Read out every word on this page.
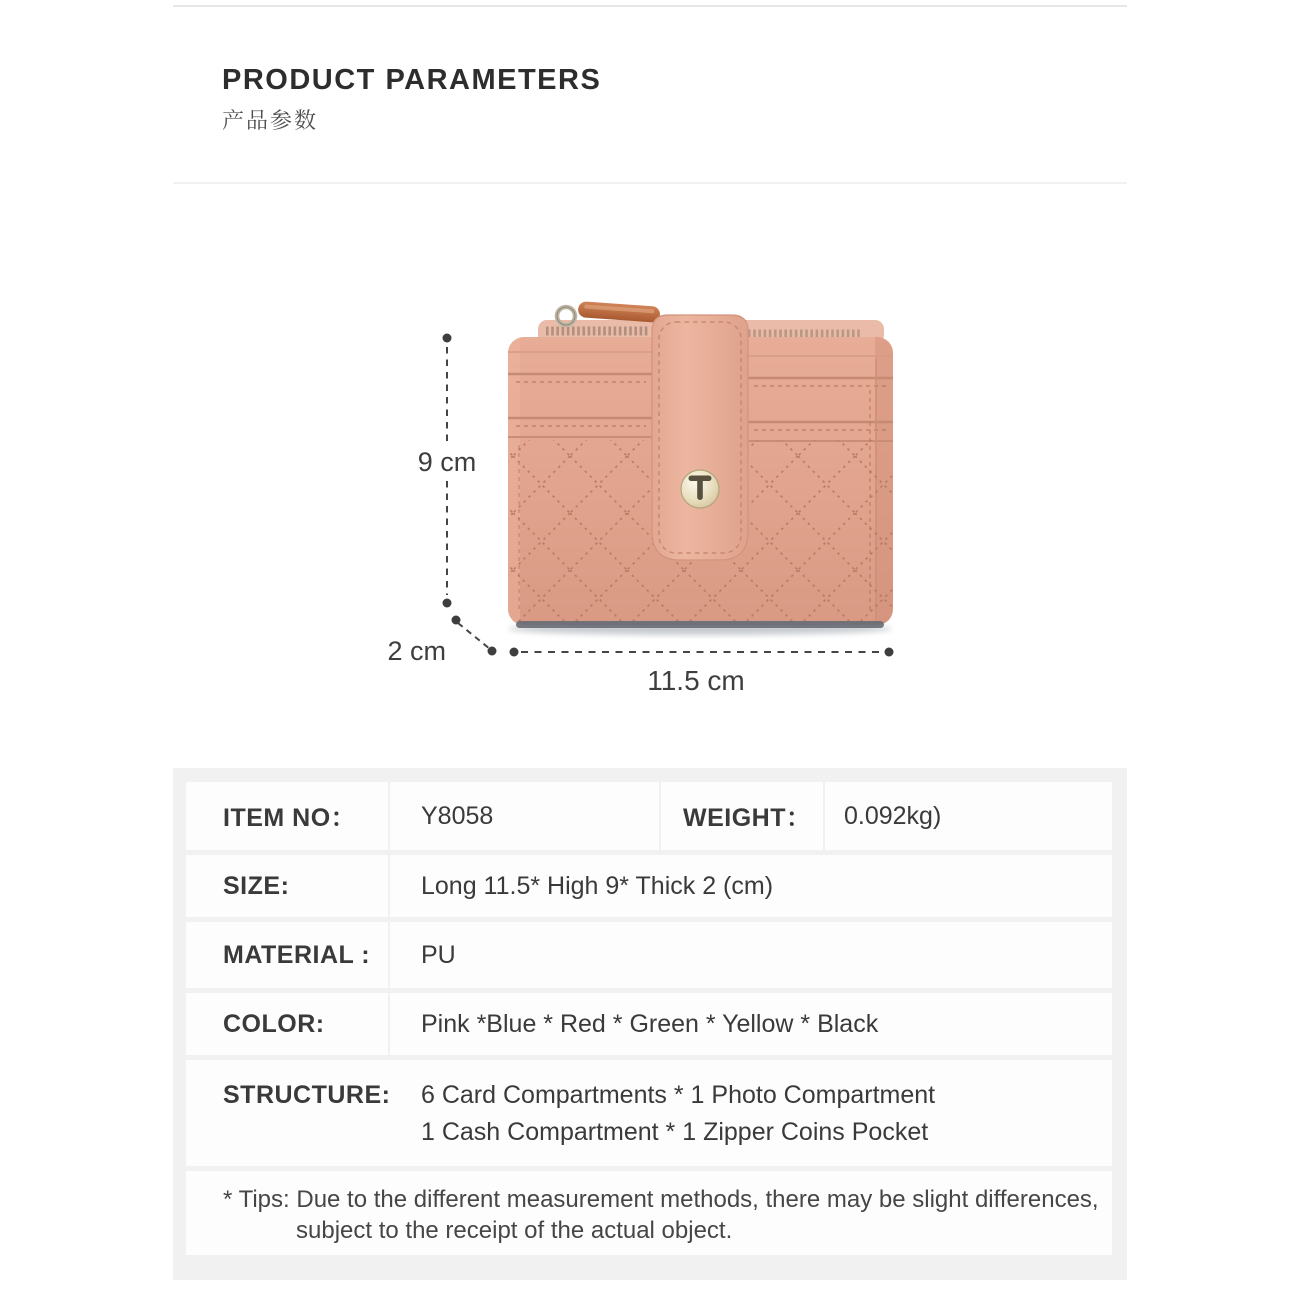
PRODUCT PARAMETERS
产品参数
9 cm
2 cm
11.5 cm
ITEM NO：	Y8058	WEIGHT：	0.092kg)
SIZE:	Long 11.5* High 9* Thick 2 (cm)
MATERIAL :	PU
COLOR:	Pink *Blue * Red * Green * Yellow * Black
STRUCTURE:	6 Card Compartments * 1 Photo Compartment
1 Cash Compartment * 1 Zipper Coins Pocket
* Tips: Due to the different measurement methods, there may be slight differences,
subject to the receipt of the actual object.
